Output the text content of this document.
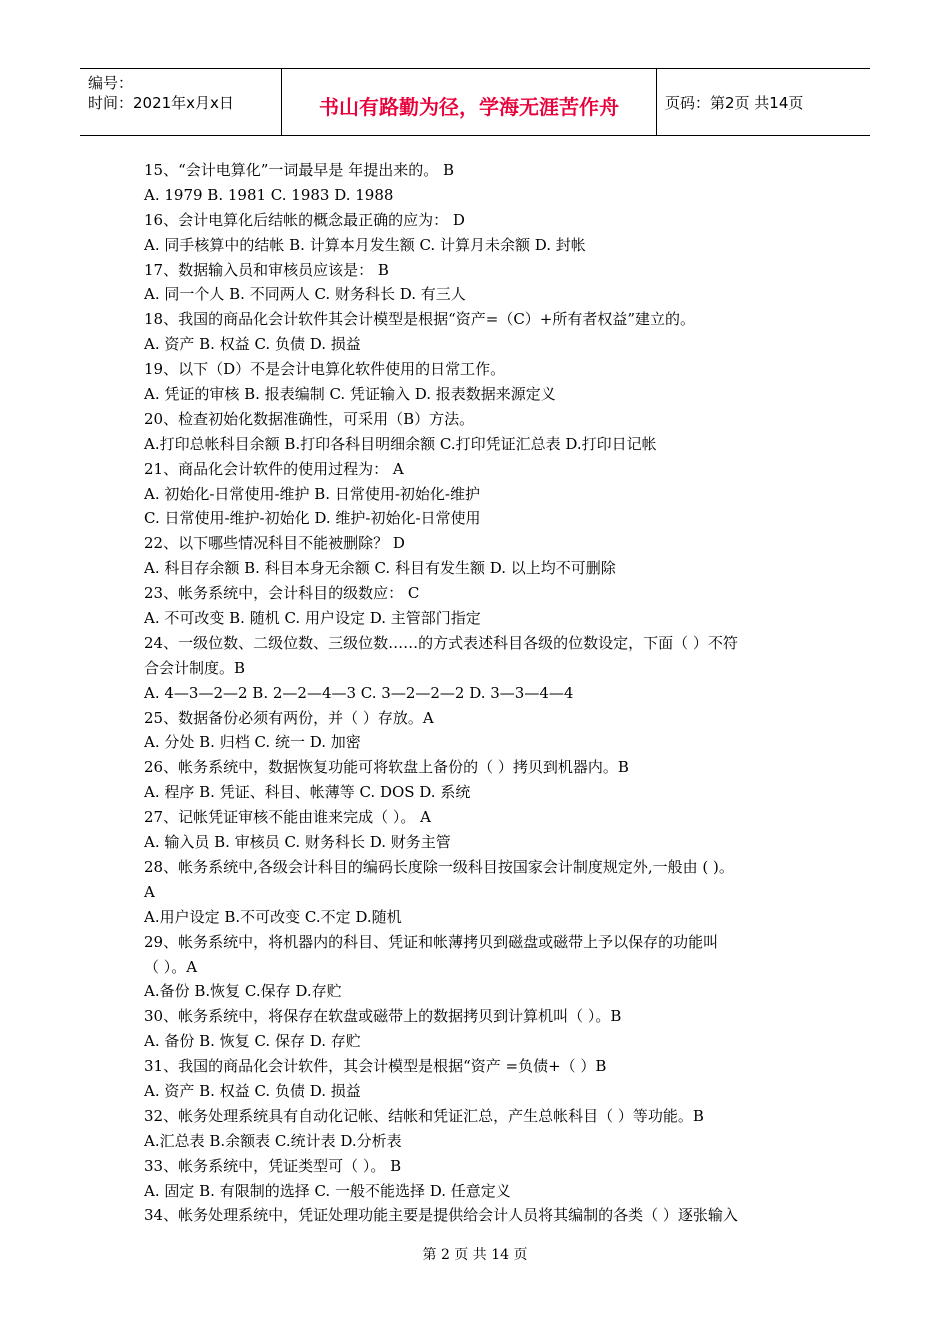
编号：
时间：2021年x月x日	书山有路勤为径，学海无涯苦作舟	页码：第2页 共14页
15、“会计电算化”一词最早是 年提出来的。 B
A. 1979 B. 1981 C. 1983 D. 1988
16、会计电算化后结帐的概念最正确的应为： D
A. 同手核算中的结帐 B. 计算本月发生额 C. 计算月未余额 D. 封帐
17、数据输入员和审核员应该是： B
A. 同一个人 B. 不同两人 C. 财务科长 D. 有三人
18、我国的商品化会计软件其会计模型是根据“资产=（C）+所有者权益”建立的。
A. 资产 B. 权益 C. 负债 D. 损益
19、以下（D）不是会计电算化软件使用的日常工作。
A. 凭证的审核 B. 报表编制 C. 凭证输入 D. 报表数据来源定义
20、检查初始化数据准确性，可采用（B）方法。
A.打印总帐科目余额 B.打印各科目明细余额 C.打印凭证汇总表 D.打印日记帐
21、商品化会计软件的使用过程为： A
A. 初始化-日常使用-维护 B. 日常使用-初始化-维护
C. 日常使用-维护-初始化 D. 维护-初始化-日常使用
22、以下哪些情况科目不能被删除？ D
A. 科目存余额 B. 科目本身无余额 C. 科目有发生额 D. 以上均不可删除
23、帐务系统中，会计科目的级数应： C
A. 不可改变 B. 随机 C. 用户设定 D. 主管部门指定
24、一级位数、二级位数、三级位数……的方式表述科目各级的位数设定，下面（ ）不符
合会计制度。B
A. 4—3—2—2 B. 2—2—4—3 C. 3—2—2—2 D. 3—3—4—4
25、数据备份必须有两份，并（ ）存放。A
A. 分处 B. 归档 C. 统一 D. 加密
26、帐务系统中，数据恢复功能可将软盘上备份的（ ）拷贝到机器内。B
A. 程序 B. 凭证、科目、帐薄等 C. DOS D. 系统
27、记帐凭证审核不能由谁来完成（ ）。 A
A. 输入员 B. 审核员 C. 财务科长 D. 财务主管
28、帐务系统中,各级会计科目的编码长度除一级科目按国家会计制度规定外,一般由 ( )。
A
A.用户设定 B.不可改变 C.不定 D.随机
29、帐务系统中，将机器内的科目、凭证和帐薄拷贝到磁盘或磁带上予以保存的功能叫
（ ）。A
A.备份 B.恢复 C.保存 D.存贮
30、帐务系统中，将保存在软盘或磁带上的数据拷贝到计算机叫（ ）。B
A. 备份 B. 恢复 C. 保存 D. 存贮
31、我国的商品化会计软件，其会计模型是根据“资产 =负债+（ ）B
A. 资产 B. 权益 C. 负债 D. 损益
32、帐务处理系统具有自动化记帐、结帐和凭证汇总，产生总帐科目（ ）等功能。B
A.汇总表 B.余额表 C.统计表 D.分析表
33、帐务系统中，凭证类型可（ ）。 B
A. 固定 B. 有限制的选择 C. 一般不能选择 D. 任意定义
34、帐务处理系统中，凭证处理功能主要是提供给会计人员将其编制的各类（ ）逐张输入
第 2 页 共 14 页
